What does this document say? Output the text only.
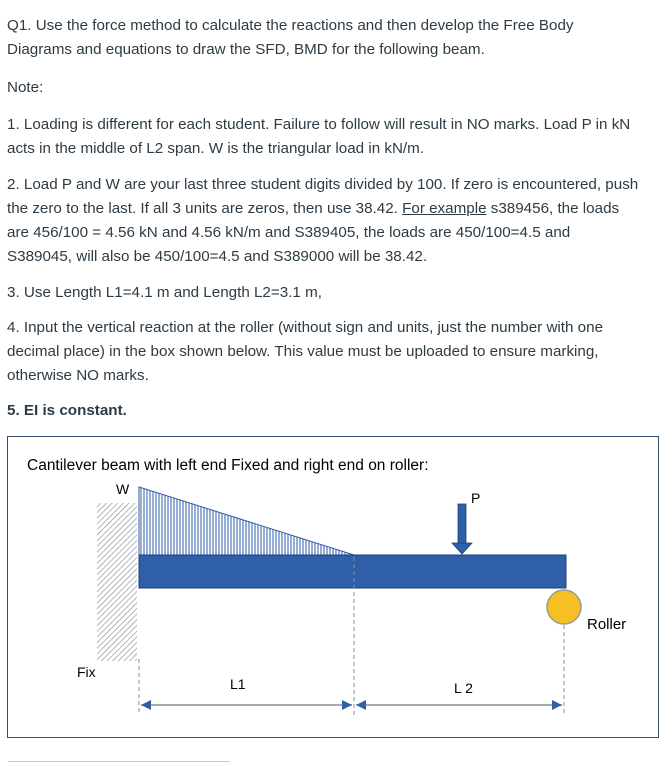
Q1. Use the force method to calculate the reactions and then develop the Free Body
Diagrams and equations to draw the SFD, BMD for the following beam.

Note:

1. Loading is different for each student. Failure to follow will result in NO marks. Load P in kN
acts in the middle of L2 span. W is the triangular load in kN/m.
2. Load P and W are your last three student digits divided by 100. If zero is encountered, push
the zero to the last. If all 3 units are zeros, then use 38.42. For example s389456, the loads
are 456/100 = 4.56 kN and 4.56 kN/m and S389405, the loads are 450/100=4.5 and
S389045, will also be 450/100=4.5 and S389000 will be 38.42.

3. Use Length L1=4.1 m and Length L2=3.1 m,

4. Input the vertical reaction at the roller (without sign and units, just the number with one
decimal place) in the box shown below. This value must be uploaded to ensure marking,
otherwise NO marks.

5. EI is constant.

Cantilever beam with left end Fixed and right end on roller:
Fix
W
P
Roller
L1	L 2
